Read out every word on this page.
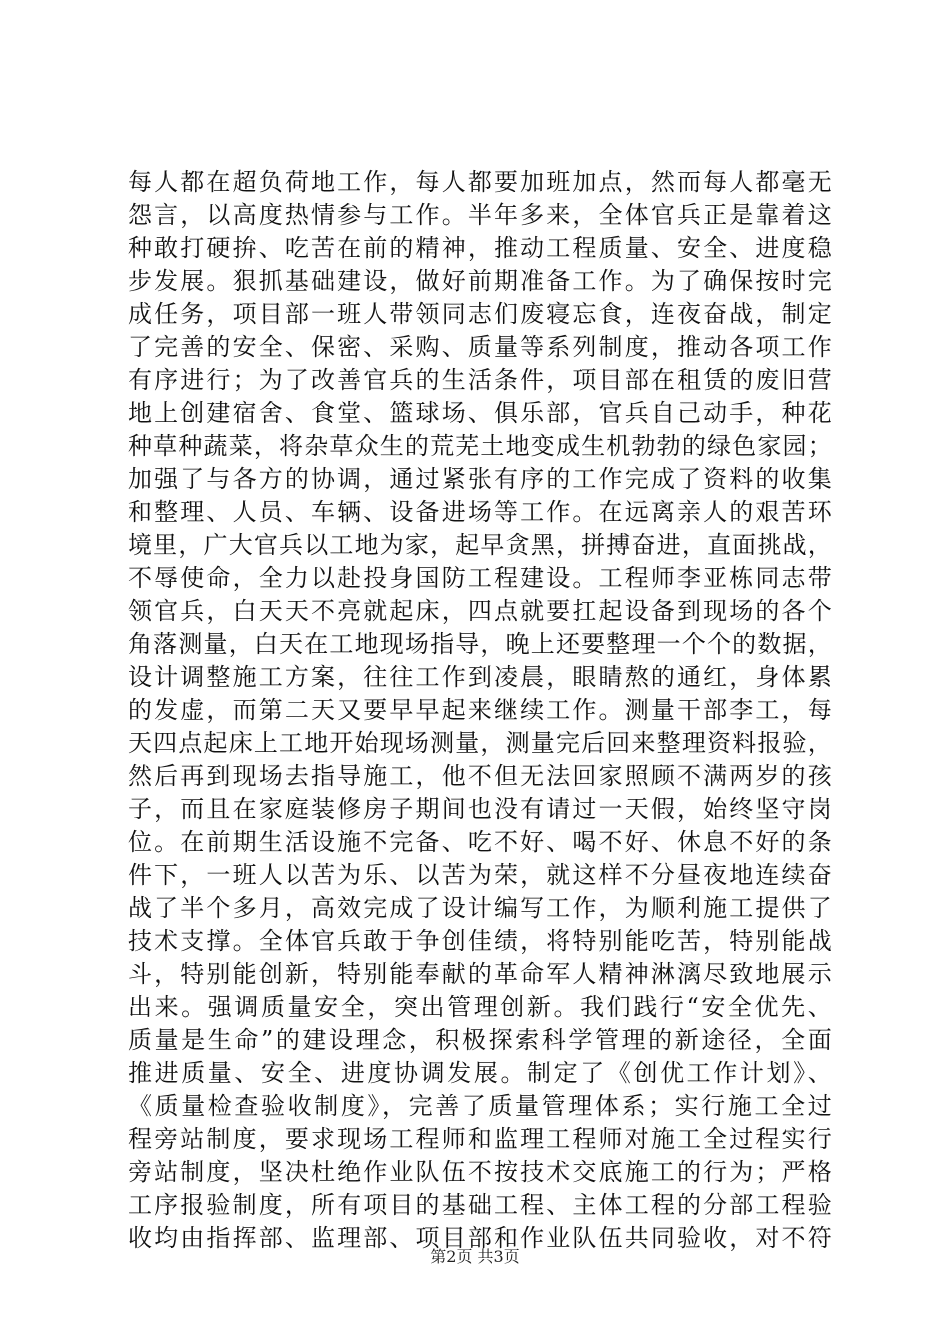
每人都在超负荷地工作，每人都要加班加点，然而每人都毫无
怨言，以高度热情参与工作。半年多来，全体官兵正是靠着这
种敢打硬拚、吃苦在前的精神，推动工程质量、安全、进度稳
步发展。狠抓基础建设，做好前期准备工作。为了确保按时完
成任务，项目部一班人带领同志们废寝忘食，连夜奋战，制定
了完善的安全、保密、采购、质量等系列制度，推动各项工作
有序进行；为了改善官兵的生活条件，项目部在租赁的废旧营
地上创建宿舍、食堂、篮球场、俱乐部，官兵自己动手，种花
种草种蔬菜，将杂草众生的荒芜土地变成生机勃勃的绿色家园；
加强了与各方的协调，通过紧张有序的工作完成了资料的收集
和整理、人员、车辆、设备进场等工作。在远离亲人的艰苦环
境里，广大官兵以工地为家，起早贪黑，拼搏奋进，直面挑战，
不辱使命，全力以赴投身国防工程建设。工程师李亚栋同志带
领官兵，白天天不亮就起床，四点就要扛起设备到现场的各个
角落测量，白天在工地现场指导，晚上还要整理一个个的数据，
设计调整施工方案，往往工作到凌晨，眼睛熬的通红，身体累
的发虚，而第二天又要早早起来继续工作。测量干部李工，每
天四点起床上工地开始现场测量，测量完后回来整理资料报验，
然后再到现场去指导施工，他不但无法回家照顾不满两岁的孩
子，而且在家庭装修房子期间也没有请过一天假，始终坚守岗
位。在前期生活设施不完备、吃不好、喝不好、休息不好的条
件下，一班人以苦为乐、以苦为荣，就这样不分昼夜地连续奋
战了半个多月，高效完成了设计编写工作，为顺利施工提供了
技术支撑。全体官兵敢于争创佳绩，将特别能吃苦，特别能战
斗，特别能创新，特别能奉献的革命军人精神淋漓尽致地展示
出来。强调质量安全，突出管理创新。我们践行“安全优先、
质量是生命”的建设理念，积极探索科学管理的新途径，全面
推进质量、安全、进度协调发展。制定了《创优工作计划》、
《质量检查验收制度》，完善了质量管理体系；实行施工全过
程旁站制度，要求现场工程师和监理工程师对施工全过程实行
旁站制度，坚决杜绝作业队伍不按技术交底施工的行为；严格
工序报验制度，所有项目的基础工程、主体工程的分部工程验
收均由指挥部、监理部、项目部和作业队伍共同验收，对不符
第2页 共3页
